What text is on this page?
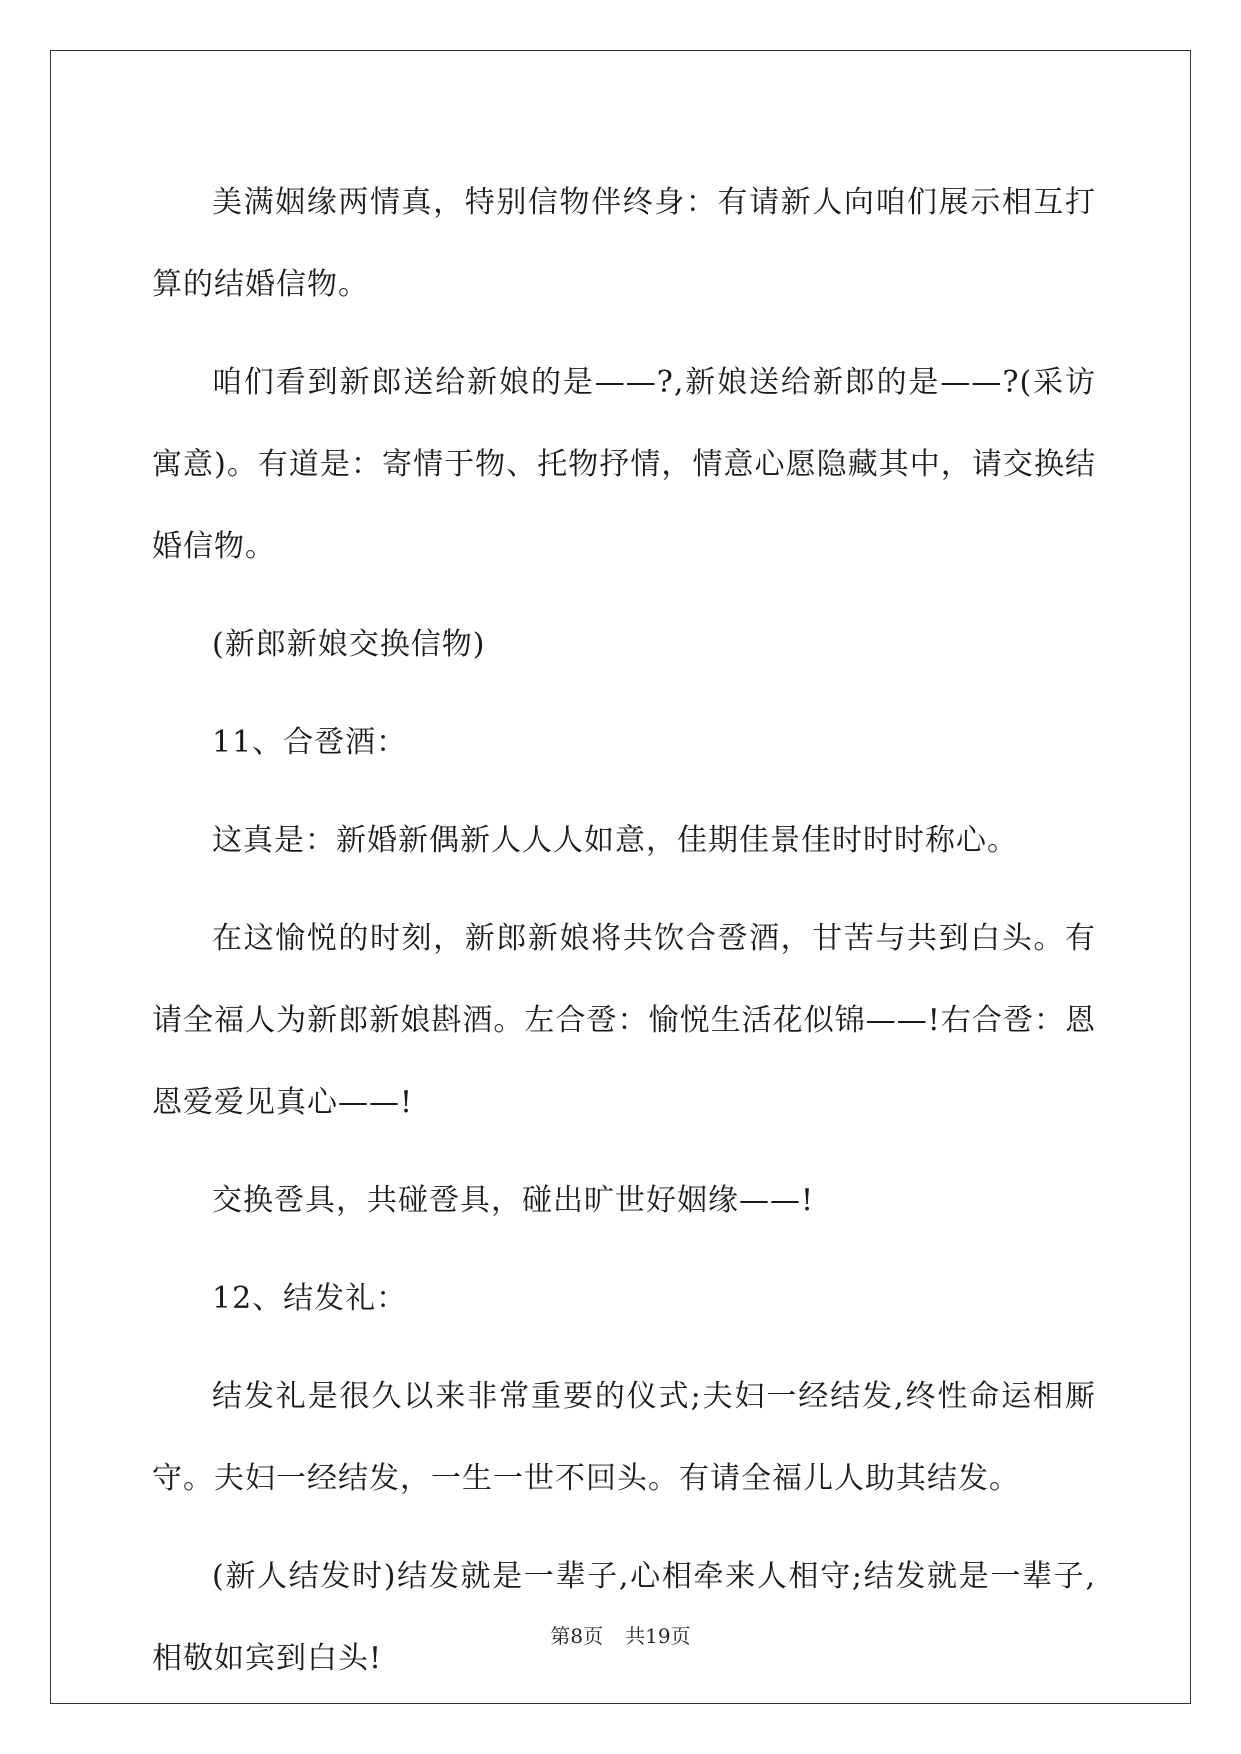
美满姻缘两情真，特别信物伴终身：有请新人向咱们展示相互打算的结婚信物。

咱们看到新郎送给新娘的是——?,新娘送给新郎的是——?(采访寓意)。有道是：寄情于物、托物抒情，情意心愿隐藏其中，请交换结婚信物。

(新郎新娘交换信物)

11、合卺酒：

这真是：新婚新偶新人人人如意，佳期佳景佳时时时称心。

在这愉悦的时刻，新郎新娘将共饮合卺酒，甘苦与共到白头。有请全福人为新郎新娘斟酒。左合卺：愉悦生活花似锦——!右合卺：恩恩爱爱见真心——!

交换卺具，共碰卺具，碰出旷世好姻缘——!

12、结发礼：

结发礼是很久以来非常重要的仪式;夫妇一经结发,终性命运相厮守。夫妇一经结发，一生一世不回头。有请全福儿人助其结发。

(新人结发时)结发就是一辈子,心相牵来人相守;结发就是一辈子,相敬如宾到白头!

第8页 共19页
